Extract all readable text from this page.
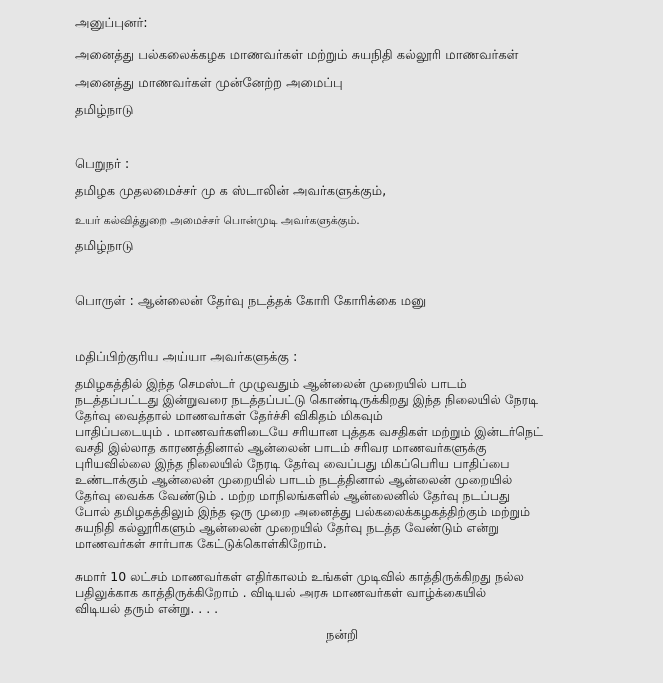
அனுப்புனர்:
அனைத்து பல்கலைக்கழக மாணவர்கள் மற்றும் சுயநிதி கல்லூரி மாணவர்கள்
அனைத்து மாணவர்கள் முன்னேற்ற அமைப்பு
தமிழ்நாடு
பெறுநர் :
தமிழக முதலமைச்சர் மு க ஸ்டாலின் அவர்களுக்கும்,
உயர் கல்வித்துறை அமைச்சர் பொன்முடி அவர்களுக்கும்.
தமிழ்நாடு
பொருள் : ஆன்லைன் தேர்வு நடத்தக் கோரி கோரிக்கை மனு
மதிப்பிற்குரிய அய்யா அவர்களுக்கு :
தமிழகத்தில் இந்த செமஸ்டர் முழுவதும் ஆன்லைன் முறையில் பாடம்
நடத்தப்பட்டது இன்றுவரை நடத்தப்பட்டு கொண்டிருக்கிறது இந்த நிலையில் நேரடி
தேர்வு வைத்தால் மாணவர்கள் தேர்ச்சி விகிதம் மிகவும்
பாதிப்படையும் . மாணவர்களிடையே சரியான புத்தக வசதிகள் மற்றும் இன்டர்நெட்
வசதி இல்லாத காரணத்தினால் ஆன்லைன் பாடம் சரிவர மாணவர்களுக்கு
புரியவில்லை இந்த நிலையில் நேரடி தேர்வு வைப்பது மிகப்பெரிய பாதிப்பை
உண்டாக்கும் ஆன்லைன் முறையில் பாடம் நடத்தினால் ஆன்லைன் முறையில்
தேர்வு வைக்க வேண்டும் . மற்ற மாநிலங்களில் ஆன்லைனில் தேர்வு நடப்பது
போல் தமிழகத்திலும் இந்த ஒரு முறை அனைத்து பல்கலைக்கழகத்திற்கும் மற்றும்
சுயநிதி கல்லூரிகளும் ஆன்லைன் முறையில் தேர்வு நடத்த வேண்டும் என்று
மாணவர்கள் சார்பாக கேட்டுக்கொள்கிறோம்.
சுமார் 10 லட்சம் மாணவர்கள் எதிர்காலம் உங்கள் முடிவில் காத்திருக்கிறது நல்ல
பதிலுக்காக காத்திருக்கிறோம் . விடியல் அரசு மாணவர்கள் வாழ்க்கையில்
விடியல் தரும் என்று. . . .
நன்றி
